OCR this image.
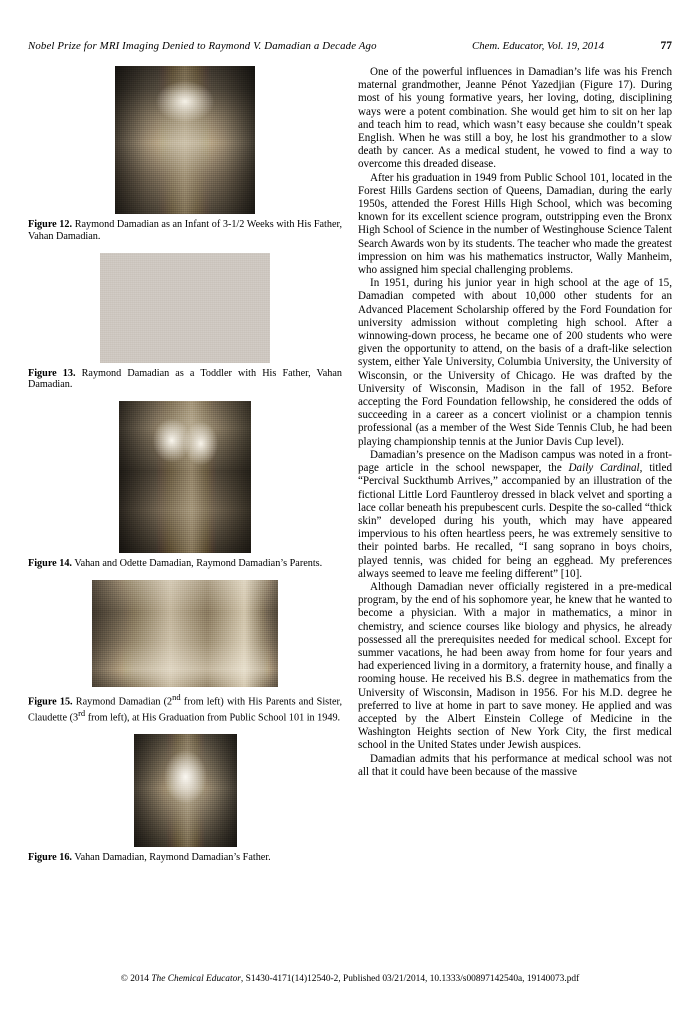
Nobel Prize for MRI Imaging Denied to Raymond V. Damadian a Decade Ago	Chem. Educator, Vol. 19, 2014	77

Figure 12. Raymond Damadian as an Infant of 3-1/2 Weeks with His Father, Vahan Damadian.

Figure 13. Raymond Damadian as a Toddler with His Father, Vahan Damadian.

Figure 14. Vahan and Odette Damadian, Raymond Damadian’s Parents.

Figure 15. Raymond Damadian (2nd from left) with His Parents and Sister, Claudette (3rd from left), at His Graduation from Public School 101 in 1949.

Figure 16. Vahan Damadian, Raymond Damadian’s Father.

One of the powerful influences in Damadian’s life was his French maternal grandmother, Jeanne Pénot Yazedjian (Figure 17). During most of his young formative years, her loving, doting, disciplining ways were a potent combination. She would get him to sit on her lap and teach him to read, which wasn’t easy because she couldn’t speak English. When he was still a boy, he lost his grandmother to a slow death by cancer. As a medical student, he vowed to find a way to overcome this dreaded disease.

After his graduation in 1949 from Public School 101, located in the Forest Hills Gardens section of Queens, Damadian, during the early 1950s, attended the Forest Hills High School, which was becoming known for its excellent science program, outstripping even the Bronx High School of Science in the number of Westinghouse Science Talent Search Awards won by its students. The teacher who made the greatest impression on him was his mathematics instructor, Wally Manheim, who assigned him special challenging problems.

In 1951, during his junior year in high school at the age of 15, Damadian competed with about 10,000 other students for an Advanced Placement Scholarship offered by the Ford Foundation for university admission without completing high school. After a winnowing-down process, he became one of 200 students who were given the opportunity to attend, on the basis of a draft-like selection system, either Yale University, Columbia University, the University of Wisconsin, or the University of Chicago. He was drafted by the University of Wisconsin, Madison in the fall of 1952. Before accepting the Ford Foundation fellowship, he considered the odds of succeeding in a career as a concert violinist or a champion tennis professional (as a member of the West Side Tennis Club, he had been playing championship tennis at the Junior Davis Cup level).

Damadian’s presence on the Madison campus was noted in a front-page article in the school newspaper, the Daily Cardinal, titled “Percival Suckthumb Arrives,” accompanied by an illustration of the fictional Little Lord Fauntleroy dressed in black velvet and sporting a lace collar beneath his prepubescent curls. Despite the so-called “thick skin” developed during his youth, which may have appeared impervious to his often heartless peers, he was extremely sensitive to their pointed barbs. He recalled, “I sang soprano in boys choirs, played tennis, was chided for being an egghead. My preferences always seemed to leave me feeling different” [10].

Although Damadian never officially registered in a pre-medical program, by the end of his sophomore year, he knew that he wanted to become a physician. With a major in mathematics, a minor in chemistry, and science courses like biology and physics, he already possessed all the prerequisites needed for medical school. Except for summer vacations, he had been away from home for four years and had experienced living in a dormitory, a fraternity house, and finally a rooming house. He received his B.S. degree in mathematics from the University of Wisconsin, Madison in 1956. For his M.D. degree he preferred to live at home in part to save money. He applied and was accepted by the Albert Einstein College of Medicine in the Washington Heights section of New York City, the first medical school in the United States under Jewish auspices.

Damadian admits that his performance at medical school was not all that it could have been because of the massive

© 2014 The Chemical Educator, S1430-4171(14)12540-2, Published 03/21/2014, 10.1333/s00897142540a, 19140073.pdf
